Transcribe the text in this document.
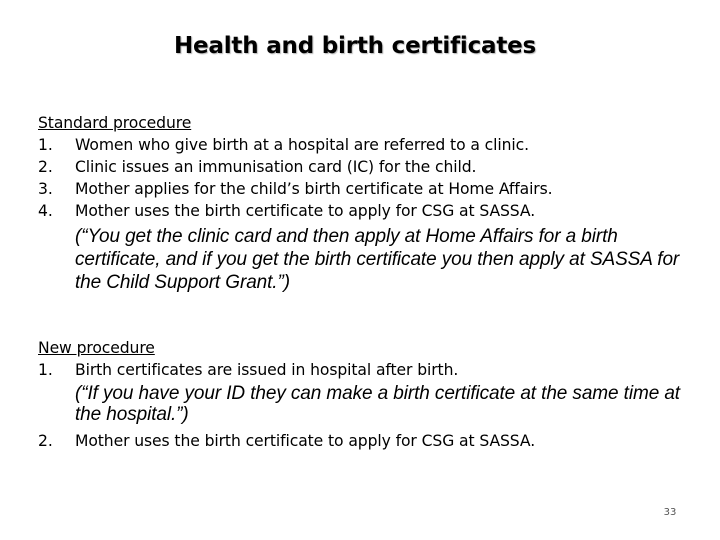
Health and birth certificates
Standard procedure
1.	Women who give birth at a hospital are referred to a clinic.
2.	Clinic issues an immunisation card (IC) for the child.
3.	Mother applies for the child’s birth certificate at Home Affairs.
4.	Mother uses the birth certificate to apply for CSG at SASSA.
(“You get the clinic card and then apply at Home Affairs for a birth certificate, and if you get the birth certificate you then apply at SASSA for the Child Support Grant.”)
New procedure
1.	Birth certificates are issued in hospital after birth.
(“If you have your ID they can make a birth certificate at the same time at the hospital.”)
2.	Mother uses the birth certificate to apply for CSG at SASSA.
33
